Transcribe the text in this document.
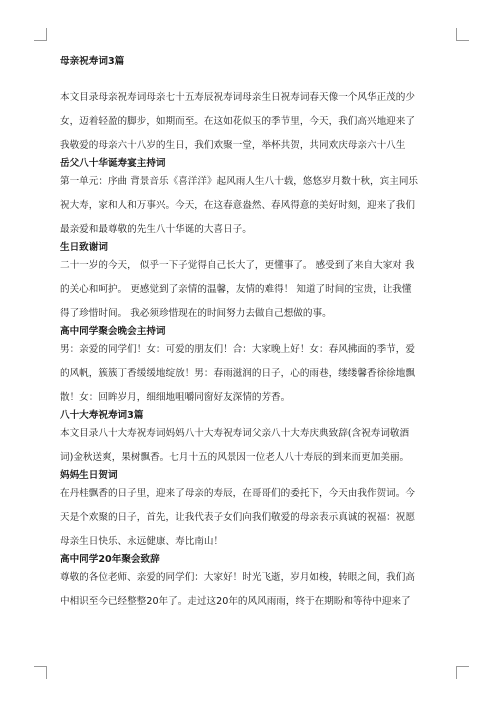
母亲祝寿词3篇
本文目录母亲祝寿词母亲七十五寿辰祝寿词母亲生日祝寿词春天像一个风华正茂的少
女，迈着轻盈的脚步，如期而至。在这如花似玉的季节里，今天，我们高兴地迎来了
我敬爱的母亲六十八岁的生日，我们欢聚一堂，举杯共贺，共同欢庆母亲六十八生
岳父八十华诞寿宴主持词
第一单元：序曲 背景音乐《喜洋洋》起风雨人生八十载，悠悠岁月数十秋，宾主同乐
祝大寿，家和人和万事兴。今天，在这春意盎然、春风得意的美好时刻，迎来了我们
最亲爱和最尊敬的先生八十华诞的大喜日子。
生日致谢词
二十一岁的今天， 似乎一下子觉得自己长大了，更懂事了。 感受到了来自大家对 我
的关心和呵护。 更感觉到了亲情的温馨，友情的难得！ 知道了时间的宝贵，让我懂
得了珍惜时间。 我必须珍惜现在的时间努力去做自己想做的事。
高中同学聚会晚会主持词
男：亲爱的同学们！女：可爱的朋友们！合：大家晚上好！女：春风拂面的季节，爱
的风帆，簇簇丁香缓缓地绽放！男：春雨滋润的日子，心的雨巷，缕缕馨香徐徐地飘
散！女：回眸岁月，细细地咀嚼同窗好友深情的芳香。
八十大寿祝寿词3篇
本文目录八十大寿祝寿词妈妈八十大寿祝寿词父亲八十大寿庆典致辞(含祝寿词敬酒
词)金秋送爽，果树飘香。七月十五的风景因一位老人八十寿辰的到来而更加美丽。
妈妈生日贺词
在丹桂飘香的日子里，迎来了母亲的寿辰，在哥哥们的委托下，今天由我作贺词。今
天是个欢聚的日子，首先，让我代表子女们向我们敬爱的母亲表示真诚的祝福：祝愿
母亲生日快乐、永远健康、寿比南山！
高中同学20年聚会致辞
尊敬的各位老师、亲爱的同学们：大家好！时光飞逝，岁月如梭，转眼之间，我们高
中相识至今已经整整20年了。走过这20年的风风雨雨，终于在期盼和等待中迎来了
